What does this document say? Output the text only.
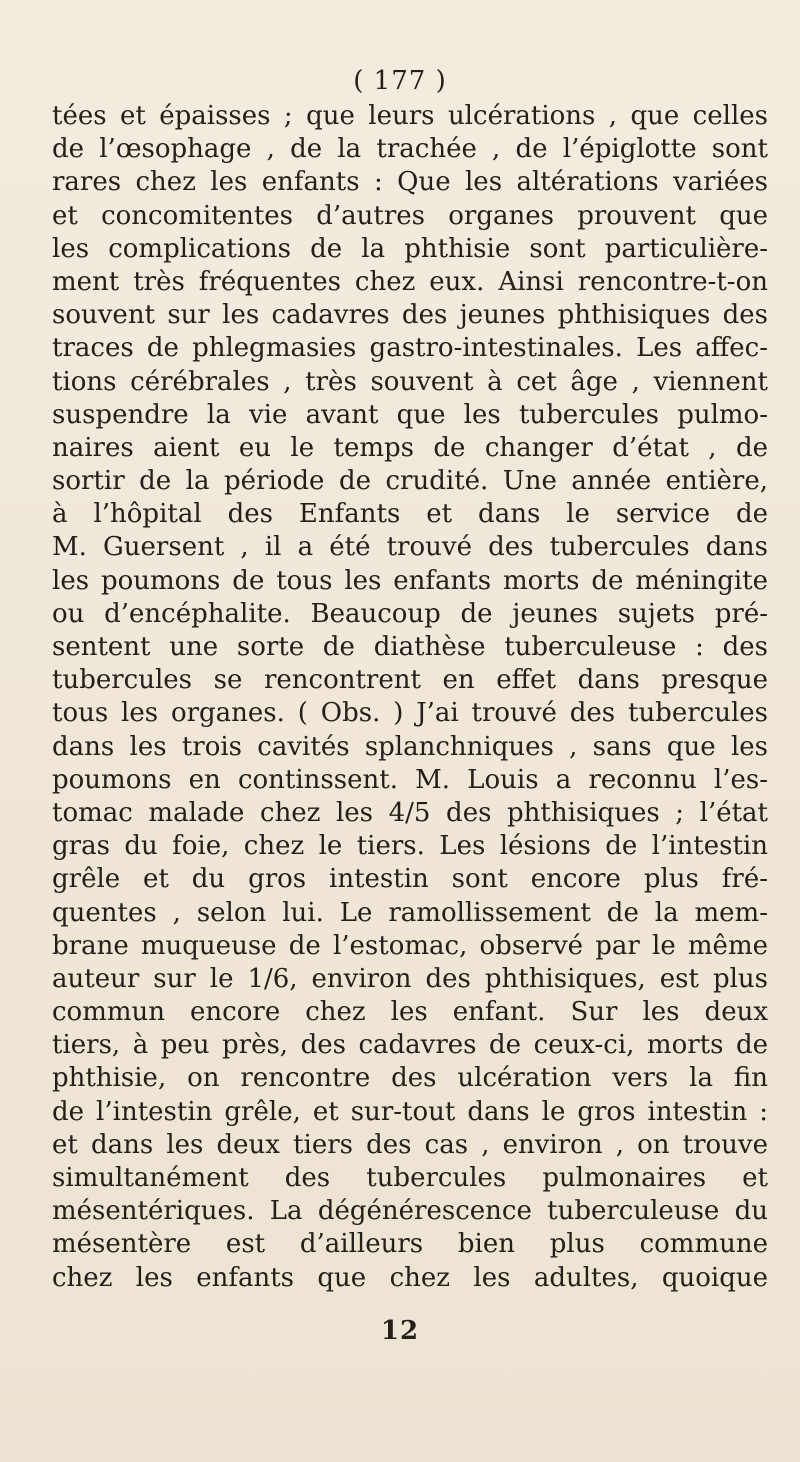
( 177 )
tées et épaisses ; que leurs ulcérations , que celles
de l’œsophage , de la trachée , de l’épiglotte sont
rares chez les enfants : Que les altérations variées
et concomitentes d’autres organes prouvent que
les complications de la phthisie sont particulière-
ment très fréquentes chez eux. Ainsi rencontre-t-on
souvent sur les cadavres des jeunes phthisiques des
traces de phlegmasies gastro-intestinales. Les affec-
tions cérébrales , très souvent à cet âge , viennent
suspendre la vie avant que les tubercules pulmo-
naires aient eu le temps de changer d’état , de
sortir de la période de crudité. Une année entière,
à l’hôpital des Enfants et dans le service de
M. Guersent , il a été trouvé des tubercules dans
les poumons de tous les enfants morts de méningite
ou d’encéphalite. Beaucoup de jeunes sujets pré-
sentent une sorte de diathèse tuberculeuse : des
tubercules se rencontrent en effet dans presque
tous les organes. ( Obs. ) J’ai trouvé des tubercules
dans les trois cavités splanchniques , sans que les
poumons en continssent. M. Louis a reconnu l’es-
tomac malade chez les 4/5 des phthisiques ; l’état
gras du foie, chez le tiers. Les lésions de l’intestin
grêle et du gros intestin sont encore plus fré-
quentes , selon lui. Le ramollissement de la mem-
brane muqueuse de l’estomac, observé par le même
auteur sur le 1/6, environ des phthisiques, est plus
commun encore chez les enfant. Sur les deux
tiers, à peu près, des cadavres de ceux-ci, morts de
phthisie, on rencontre des ulcération vers la fin
de l’intestin grêle, et sur-tout dans le gros intestin :
et dans les deux tiers des cas , environ , on trouve
simultanément des tubercules pulmonaires et
mésentériques. La dégénérescence tuberculeuse du
mésentère est d’ailleurs bien plus commune
chez les enfants que chez les adultes, quoique
12
